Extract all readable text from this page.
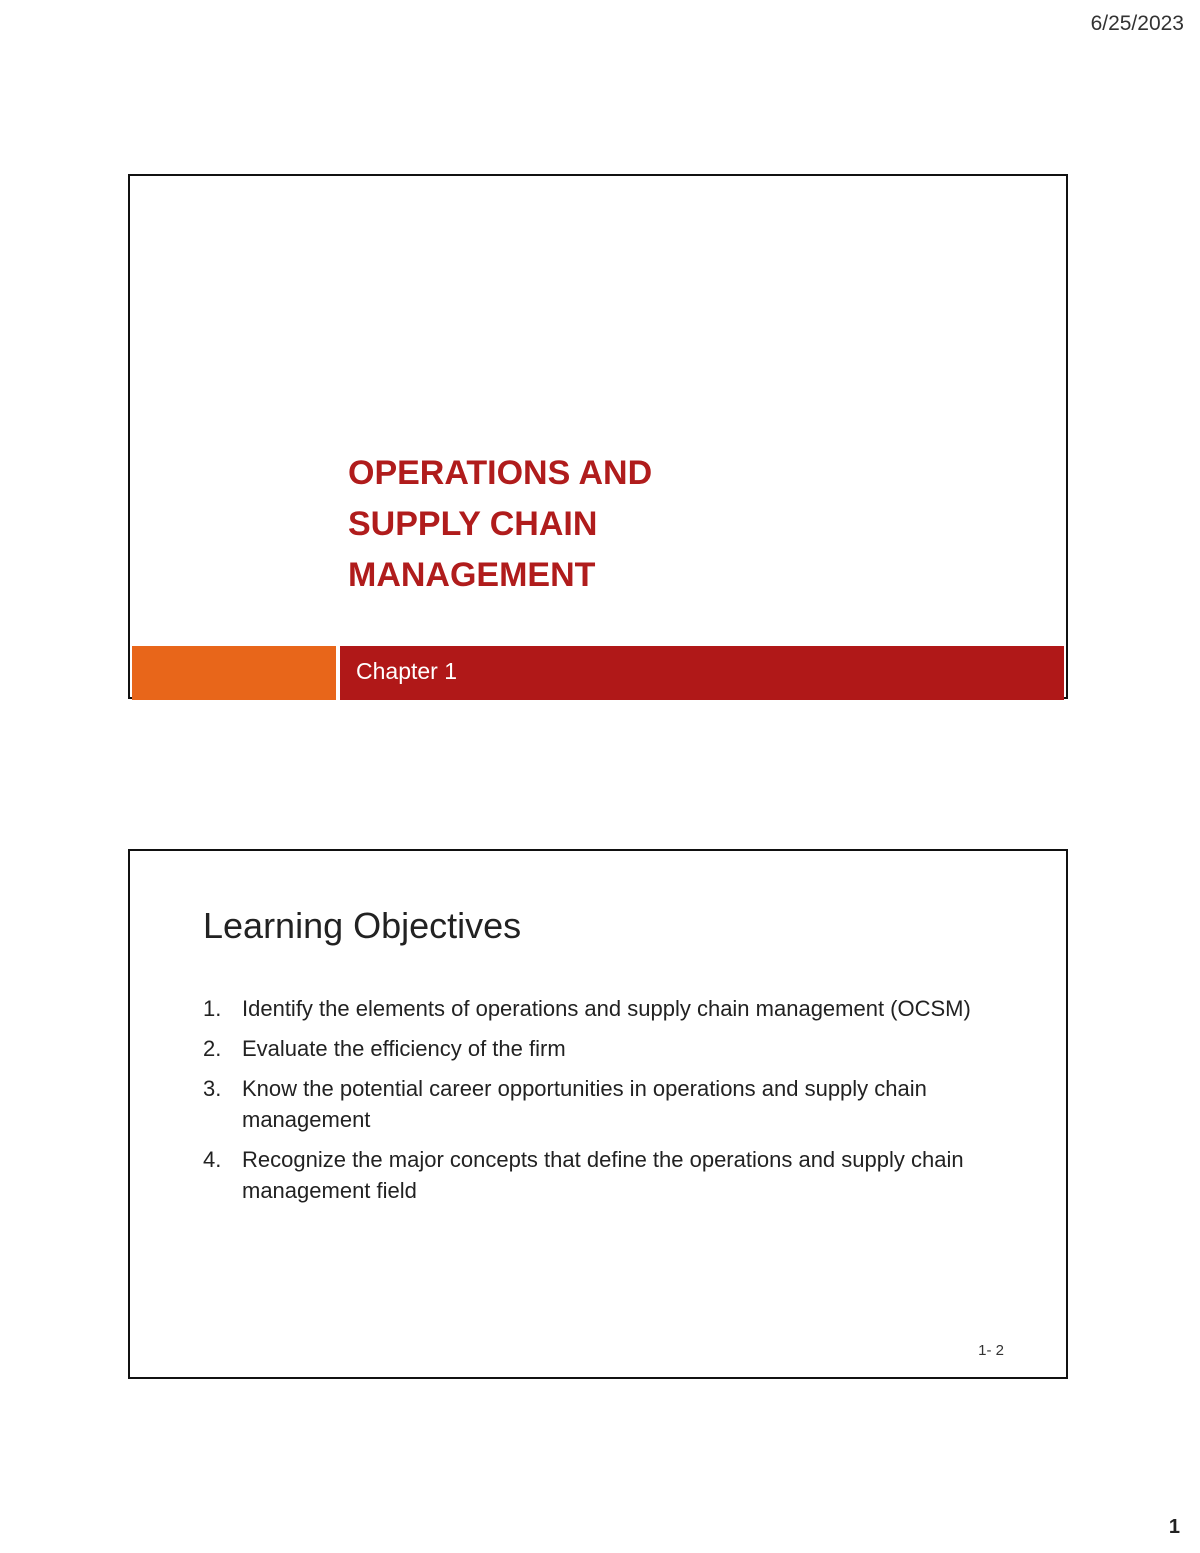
6/25/2023
OPERATIONS AND
SUPPLY CHAIN
MANAGEMENT
Chapter 1
Learning Objectives
1. Identify the elements of operations and supply chain management (OCSM)
2. Evaluate the efficiency of the firm
3. Know the potential career opportunities in operations and supply chain management
4. Recognize the major concepts that define the operations and supply chain management field
1- 2
1
